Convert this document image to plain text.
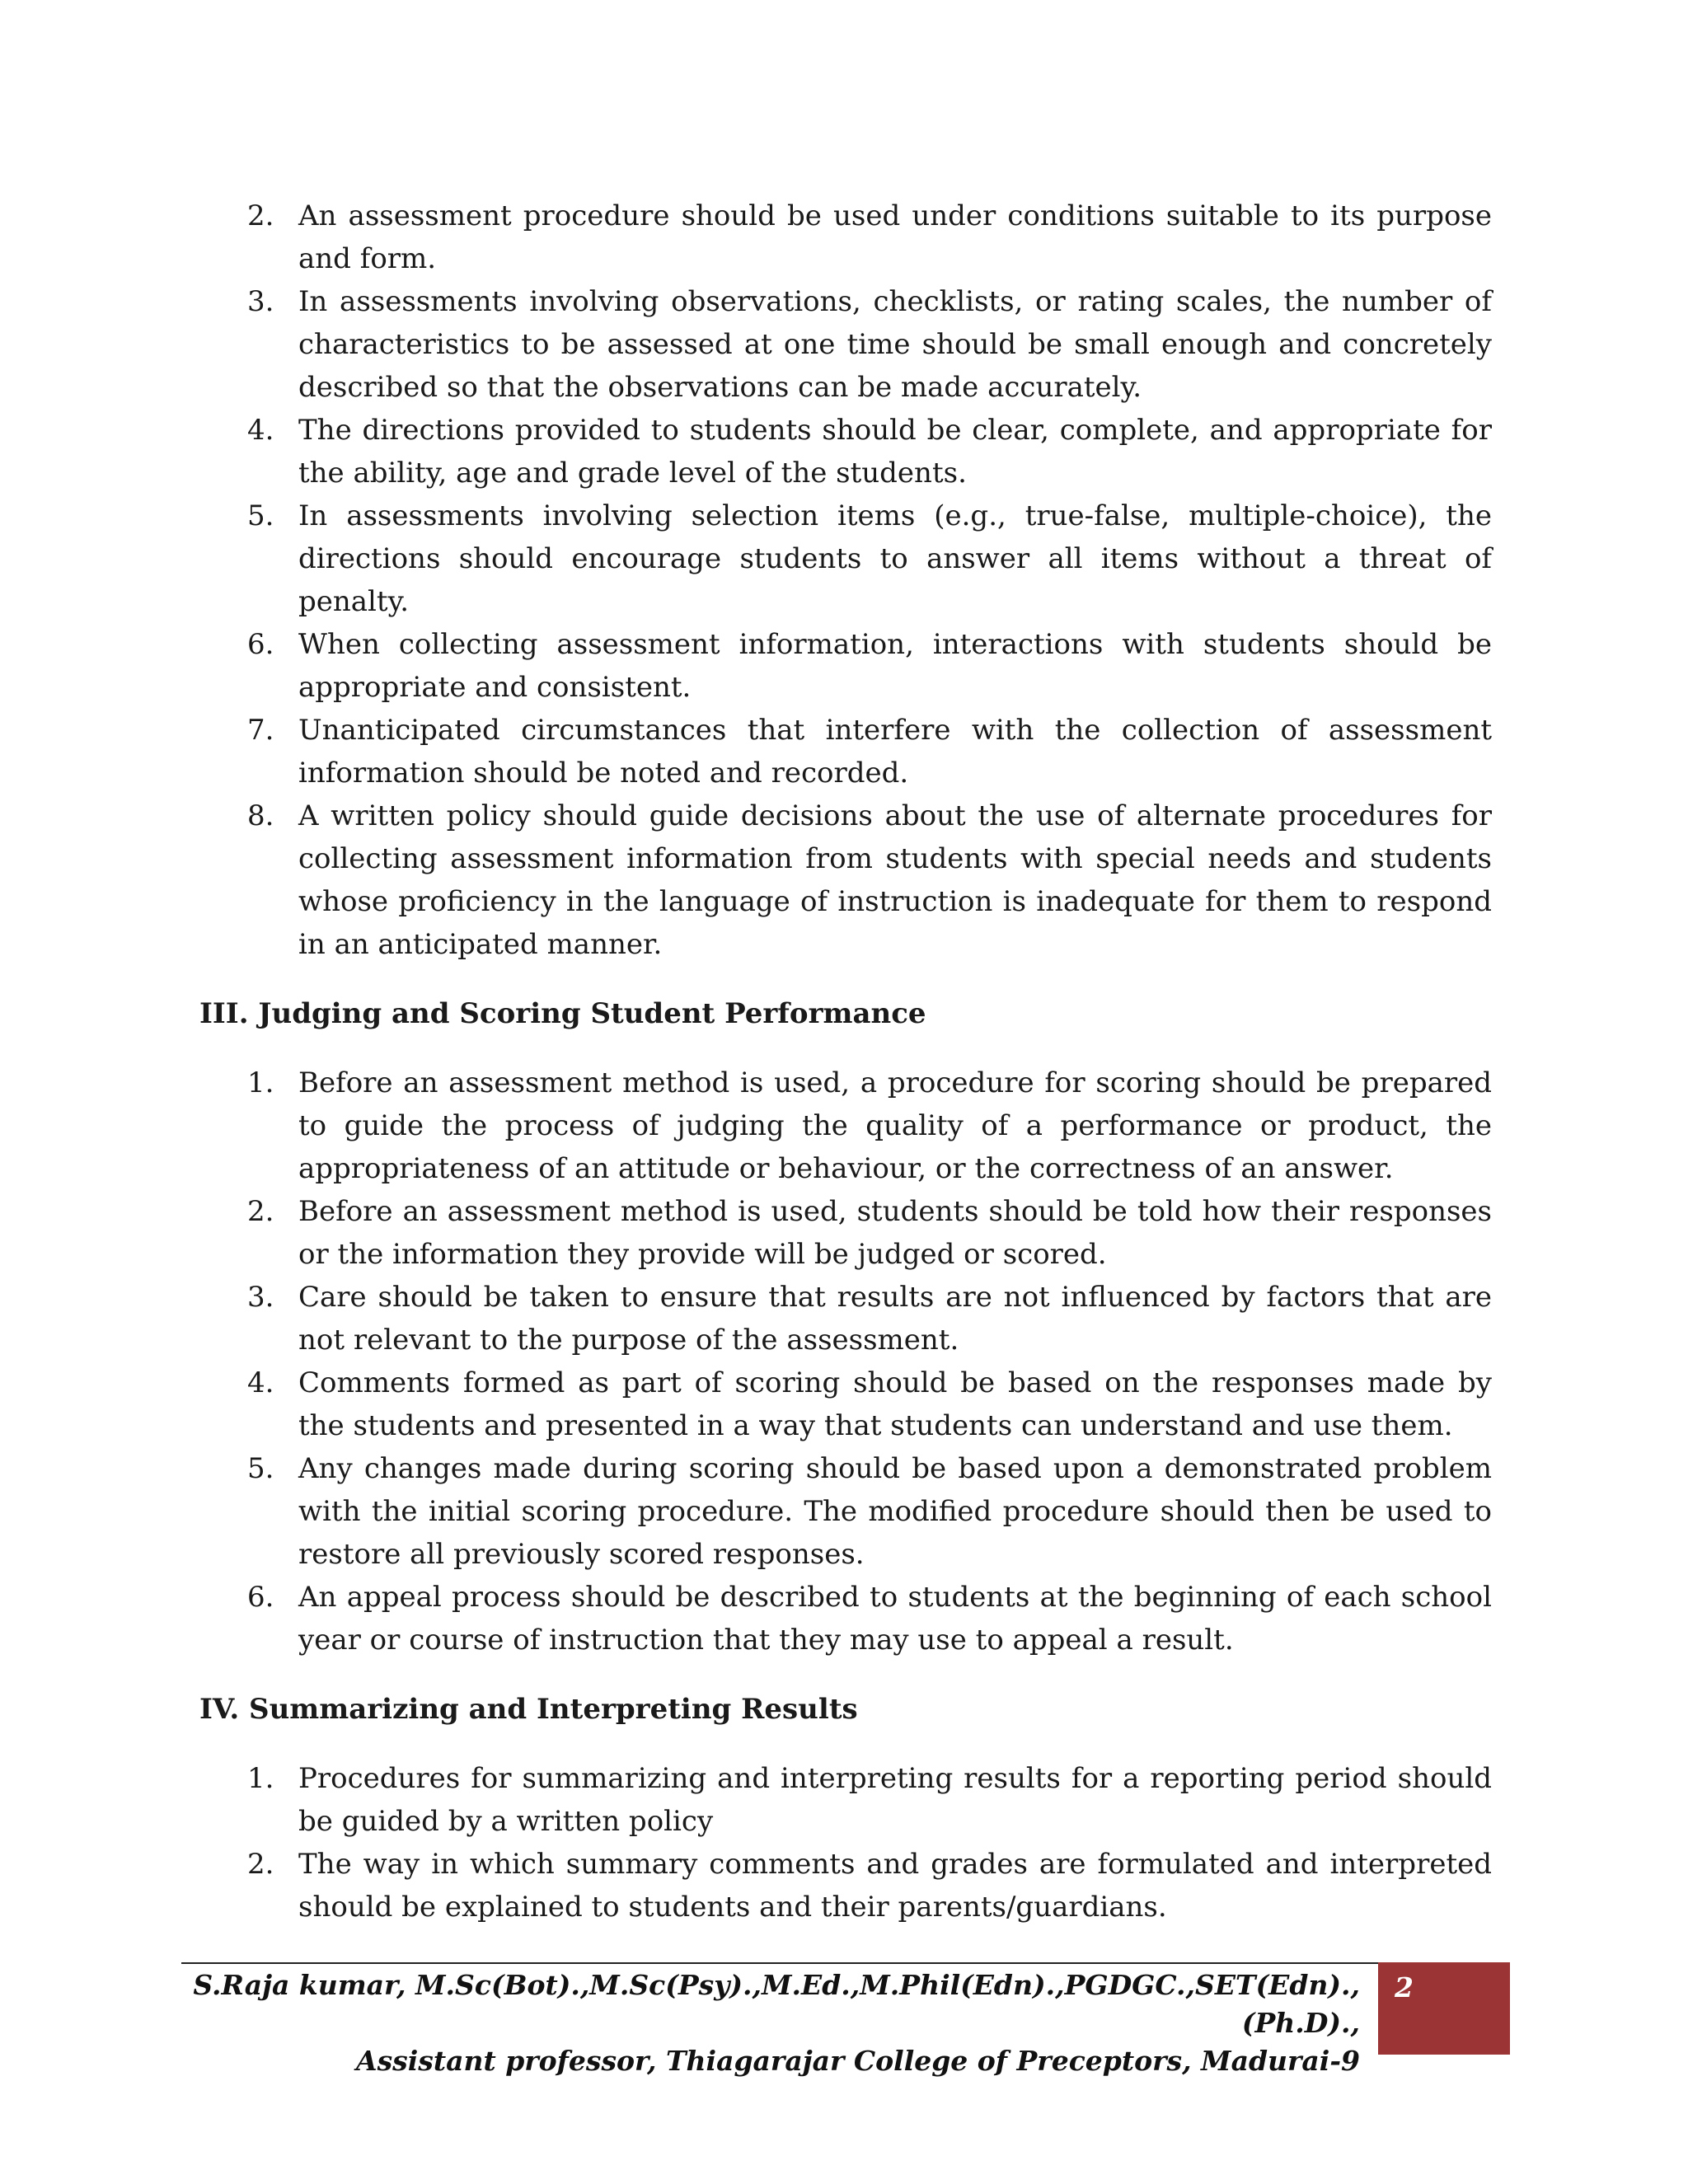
2. An assessment procedure should be used under conditions suitable to its purpose and form.
3. In assessments involving observations, checklists, or rating scales, the number of characteristics to be assessed at one time should be small enough and concretely described so that the observations can be made accurately.
4. The directions provided to students should be clear, complete, and appropriate for the ability, age and grade level of the students.
5. In assessments involving selection items (e.g., true-false, multiple-choice), the directions should encourage students to answer all items without a threat of penalty.
6. When collecting assessment information, interactions with students should be appropriate and consistent.
7. Unanticipated circumstances that interfere with the collection of assessment information should be noted and recorded.
8. A written policy should guide decisions about the use of alternate procedures for collecting assessment information from students with special needs and students whose proficiency in the language of instruction is inadequate for them to respond in an anticipated manner.
III. Judging and Scoring Student Performance
1. Before an assessment method is used, a procedure for scoring should be prepared to guide the process of judging the quality of a performance or product, the appropriateness of an attitude or behaviour, or the correctness of an answer.
2. Before an assessment method is used, students should be told how their responses or the information they provide will be judged or scored.
3. Care should be taken to ensure that results are not influenced by factors that are not relevant to the purpose of the assessment.
4. Comments formed as part of scoring should be based on the responses made by the students and presented in a way that students can understand and use them.
5. Any changes made during scoring should be based upon a demonstrated problem with the initial scoring procedure. The modified procedure should then be used to restore all previously scored responses.
6. An appeal process should be described to students at the beginning of each school year or course of instruction that they may use to appeal a result.
IV. Summarizing and Interpreting Results
1. Procedures for summarizing and interpreting results for a reporting period should be guided by a written policy
2. The way in which summary comments and grades are formulated and interpreted should be explained to students and their parents/guardians.
S.Raja kumar, M.Sc(Bot).,M.Sc(Psy).,M.Ed.,M.Phil(Edn).,PGDGC.,SET(Edn).,(Ph.D).,
Assistant professor, Thiagarajar College of Preceptors, Madurai-9
2
